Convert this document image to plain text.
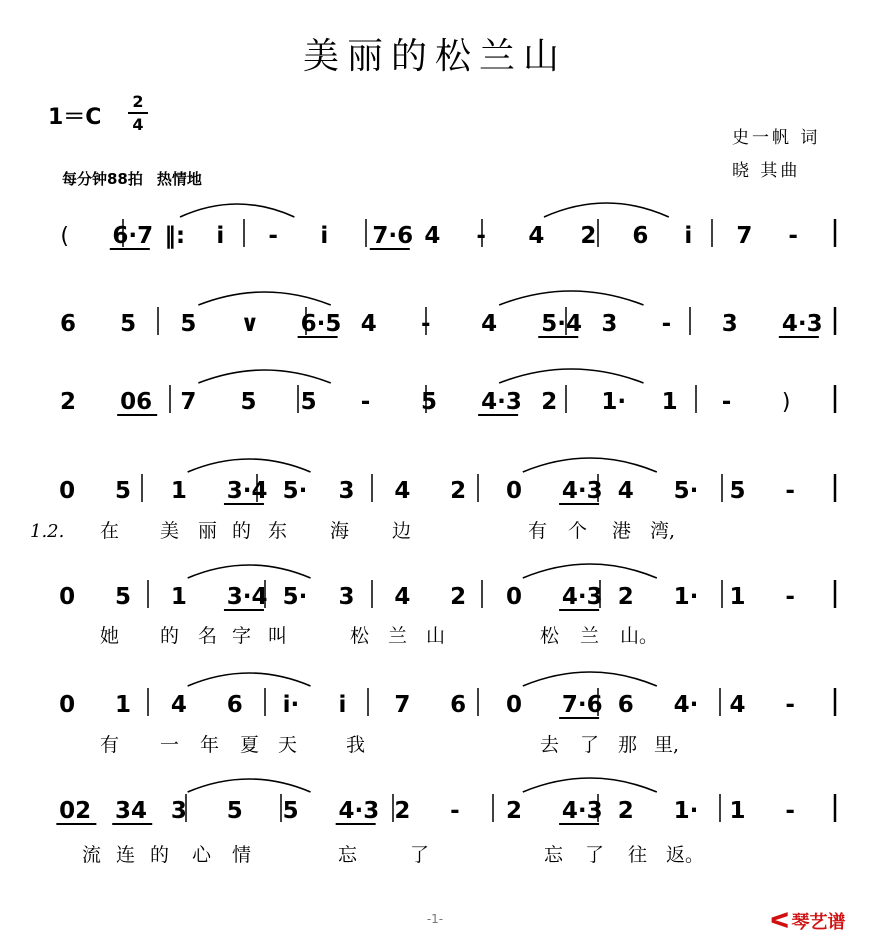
美丽的松兰山
1＝C
2
4
史一帆 词
晓 其曲
每分钟88拍 热情地
( 6·7 ‖: i - i 7·6 4 - 4 2 6 i 7 -
6 5 5 ∨ 6·5 4 - 4 5·4 3 - 3 4·3
2 06 7 5 5 - 5 4·3 2 1· 1 - )
0 5 1 3·4 5· 3 4 2 0 4·3 4 5· 5 -
1.2. 在 美 丽 的 东 海 边	有 个 港 湾,
0 5 1 3·4 5· 3 4 2 0 4·3 2 1· 1 -
她 的 名 字 叫	松 兰 山	松 兰 山。
0 1 4 6 i· i 7 6 0 7·6 6 4· 4 -
有 一 年 夏 天	我	去 了 那 里,
02 34 3 5 5 4·3 2 - 2 4·3 2 1· 1 -
流 连 的 心 情	忘	了	忘 了 往 返。
-1-	ᐸ 琴艺谱
